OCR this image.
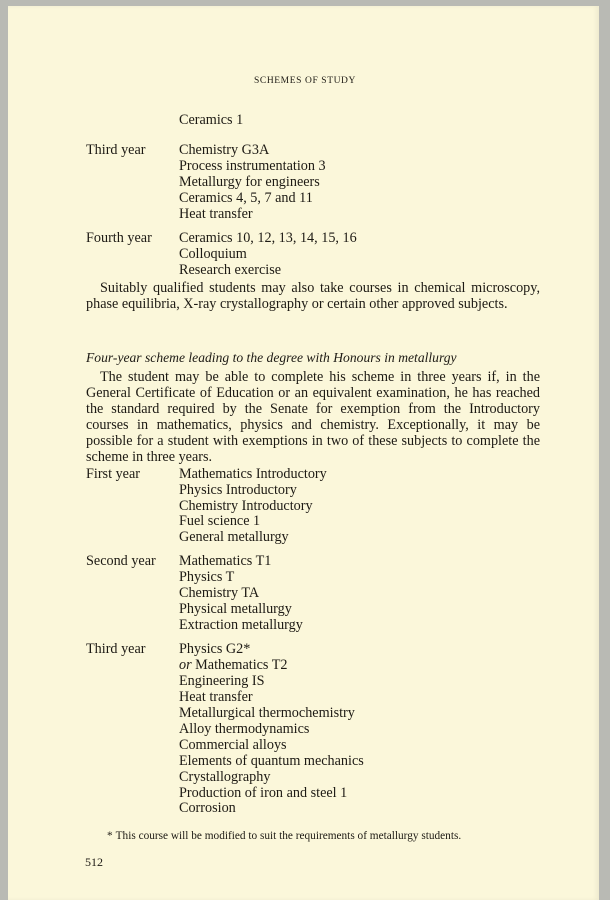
SCHEMES OF STUDY
Ceramics 1
Third year Chemistry G3A
Process instrumentation 3
Metallurgy for engineers
Ceramics 4, 5, 7 and 11
Heat transfer
Fourth year Ceramics 10, 12, 13, 14, 15, 16
Colloquium
Research exercise
Suitably qualified students may also take courses in chemical microscopy, phase equilibria, X-ray crystallography or certain other approved subjects.
Four-year scheme leading to the degree with Honours in metallurgy
The student may be able to complete his scheme in three years if, in the General Certificate of Education or an equivalent examination, he has reached the standard required by the Senate for exemption from the Introductory courses in mathematics, physics and chemistry. Exceptionally, it may be possible for a student with exemptions in two of these subjects to complete the scheme in three years.
First year	Mathematics Introductory
Physics Introductory
Chemistry Introductory
Fuel science 1
General metallurgy
Second year Mathematics T1
Physics T
Chemistry TA
Physical metallurgy
Extraction metallurgy
Third year Physics G2*
or Mathematics T2
Engineering IS
Heat transfer
Metallurgical thermochemistry
Alloy thermodynamics
Commercial alloys
Elements of quantum mechanics
Crystallography
Production of iron and steel 1
Corrosion
* This course will be modified to suit the requirements of metallurgy students.
512
